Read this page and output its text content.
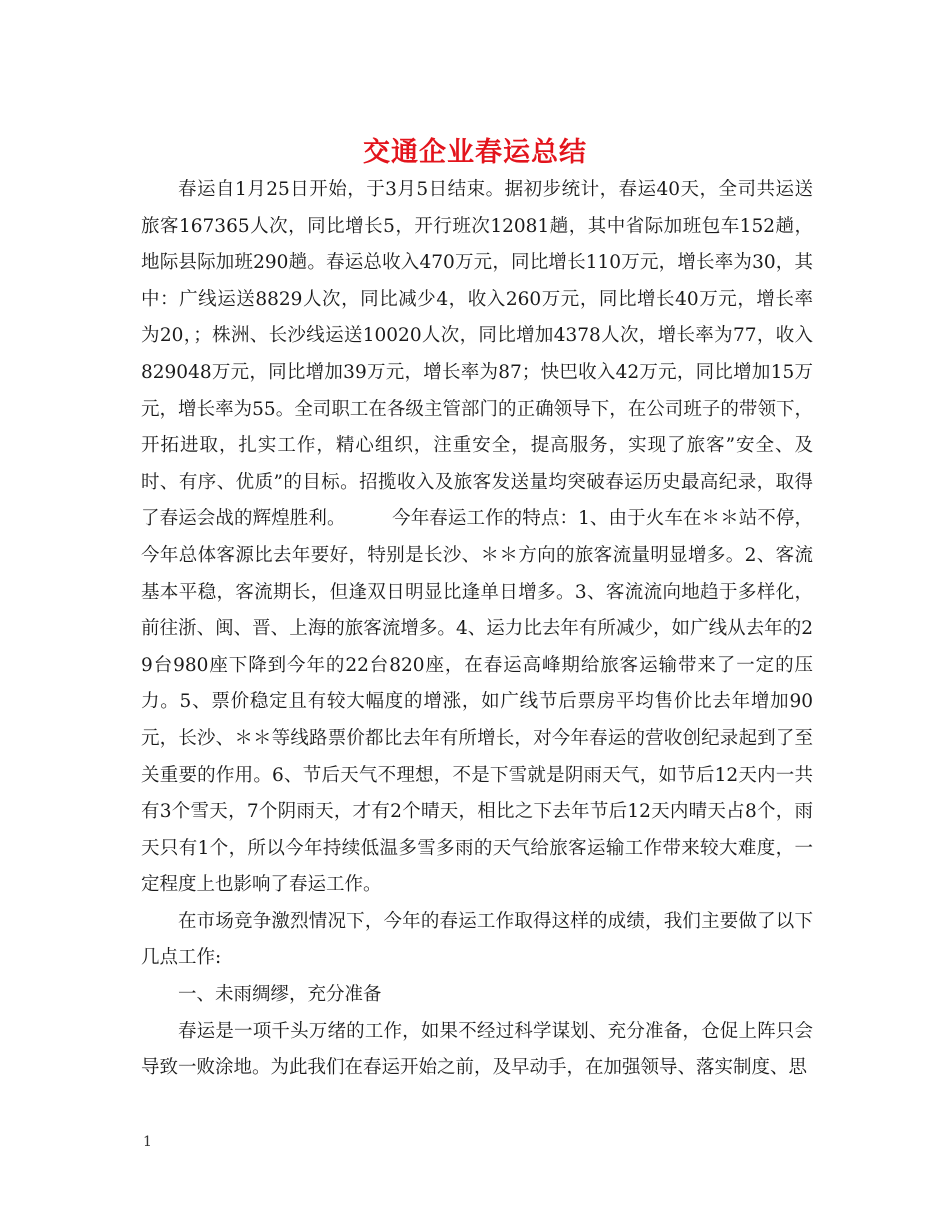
交通企业春运总结

春运自1月25日开始，于3月5日结束。据初步统计，春运40天，全司共运送旅客167365人次，同比增长5，开行班次12081趟，其中省际加班包车152趟，地际县际加班290趟。春运总收入470万元，同比增长110万元，增长率为30，其中：广线运送8829人次，同比减少4，收入260万元，同比增长40万元，增长率为20，；株洲、长沙线运送10020人次，同比增加4378人次，增长率为77，收入829048万元，同比增加39万元，增长率为87；快巴收入42万元，同比增加15万元，增长率为55。全司职工在各级主管部门的正确领导下，在公司班子的带领下，开拓进取，扎实工作，精心组织，注重安全，提高服务，实现了旅客”安全、及时、有序、优质”的目标。招揽收入及旅客发送量均突破春运历史最高纪录，取得了春运会战的辉煌胜利。　　　今年春运工作的特点：1、由于火车在＊＊站不停，今年总体客源比去年要好，特别是长沙、＊＊方向的旅客流量明显增多。2、客流基本平稳，客流期长，但逢双日明显比逢单日增多。3、客流流向地趋于多样化，前往浙、闽、晋、上海的旅客流增多。4、运力比去年有所减少，如广线从去年的29台980座下降到今年的22台820座，在春运高峰期给旅客运输带来了一定的压力。5、票价稳定且有较大幅度的增涨，如广线节后票房平均售价比去年增加90元，长沙、＊＊等线路票价都比去年有所增长，对今年春运的营收创纪录起到了至关重要的作用。6、节后天气不理想，不是下雪就是阴雨天气，如节后12天内一共有3个雪天，7个阴雨天，才有2个晴天，相比之下去年节后12天内晴天占8个，雨天只有1个，所以今年持续低温多雪多雨的天气给旅客运输工作带来较大难度，一定程度上也影响了春运工作。

在市场竞争激烈情况下，今年的春运工作取得这样的成绩，我们主要做了以下几点工作:

一、未雨绸缪，充分准备

春运是一项千头万绪的工作，如果不经过科学谋划、充分准备，仓促上阵只会导致一败涂地。为此我们在春运开始之前，及早动手，在加强领导、落实制度、思

1
